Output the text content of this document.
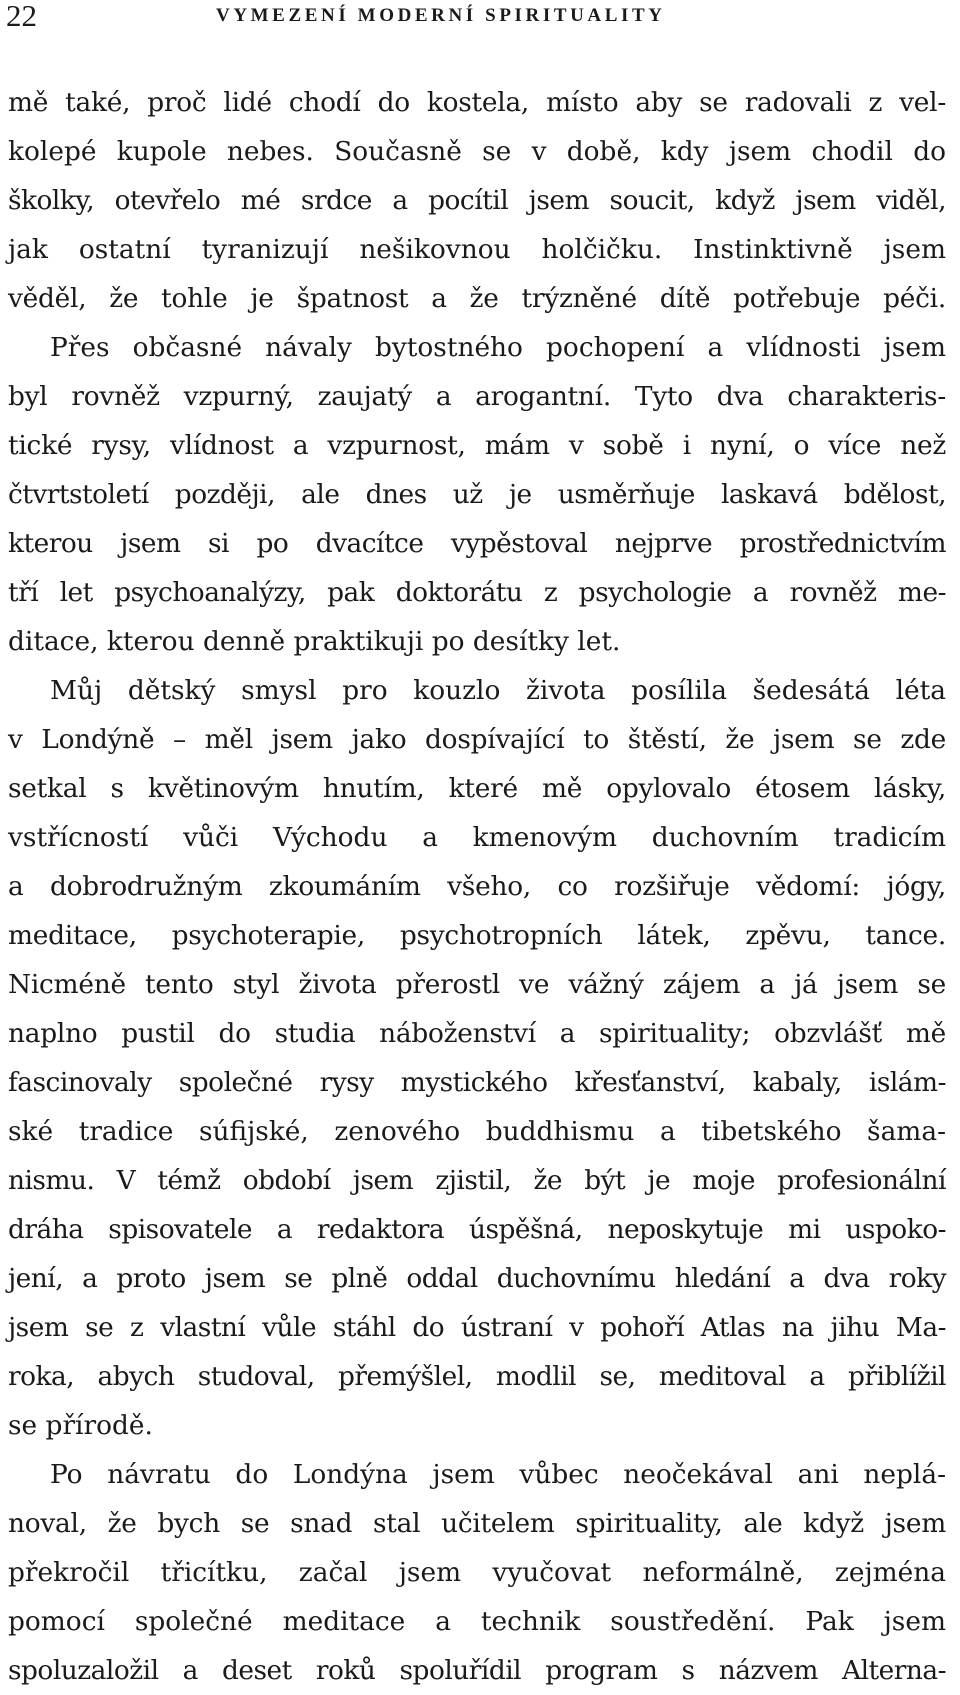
22	VYMEZENÍ MODERNÍ SPIRITUALITY
mě také, proč lidé chodí do kostela, místo aby se radovali z vel-
kolepé kupole nebes. Současně se v době, kdy jsem chodil do
školky, otevřelo mé srdce a pocítil jsem soucit, když jsem viděl,
jak ostatní tyranizují nešikovnou holčičku. Instinktivně jsem
věděl, že tohle je špatnost a že trýzněné dítě potřebuje péči.
Přes občasné návaly bytostného pochopení a vlídnosti jsem
byl rovněž vzpurný, zaujatý a arogantní. Tyto dva charakteris-
tické rysy, vlídnost a vzpurnost, mám v sobě i nyní, o více než
čtvrtstoletí později, ale dnes už je usměrňuje laskavá bdělost,
kterou jsem si po dvacítce vypěstoval nejprve prostřednictvím
tří let psychoanalýzy, pak doktorátu z psychologie a rovněž me-
ditace, kterou denně praktikuji po desítky let.
Můj dětský smysl pro kouzlo života posílila šedesátá léta
v Londýně – měl jsem jako dospívající to štěstí, že jsem se zde
setkal s květinovým hnutím, které mě opylovalo étosem lásky,
vstřícností vůči Východu a kmenovým duchovním tradicím
a dobrodružným zkoumáním všeho, co rozšiřuje vědomí: jógy,
meditace, psychoterapie, psychotropních látek, zpěvu, tance.
Nicméně tento styl života přerostl ve vážný zájem a já jsem se
naplno pustil do studia náboženství a spirituality; obzvlášť mě
fascinovaly společné rysy mystického křesťanství, kabaly, islám-
ské tradice súfijské, zenového buddhismu a tibetského šama-
nismu. V témž období jsem zjistil, že být je moje profesionální
dráha spisovatele a redaktora úspěšná, neposkytuje mi uspoko-
jení, a proto jsem se plně oddal duchovnímu hledání a dva roky
jsem se z vlastní vůle stáhl do ústraní v pohoří Atlas na jihu Ma-
roka, abych studoval, přemýšlel, modlil se, meditoval a přiblížil
se přírodě.
Po návratu do Londýna jsem vůbec neočekával ani neplá-
noval, že bych se snad stal učitelem spirituality, ale když jsem
překročil třicítku, začal jsem vyučovat neformálně, zejména
pomocí společné meditace a technik soustředění. Pak jsem
spoluzaložil a deset roků spoluřídil program s názvem Alterna-
